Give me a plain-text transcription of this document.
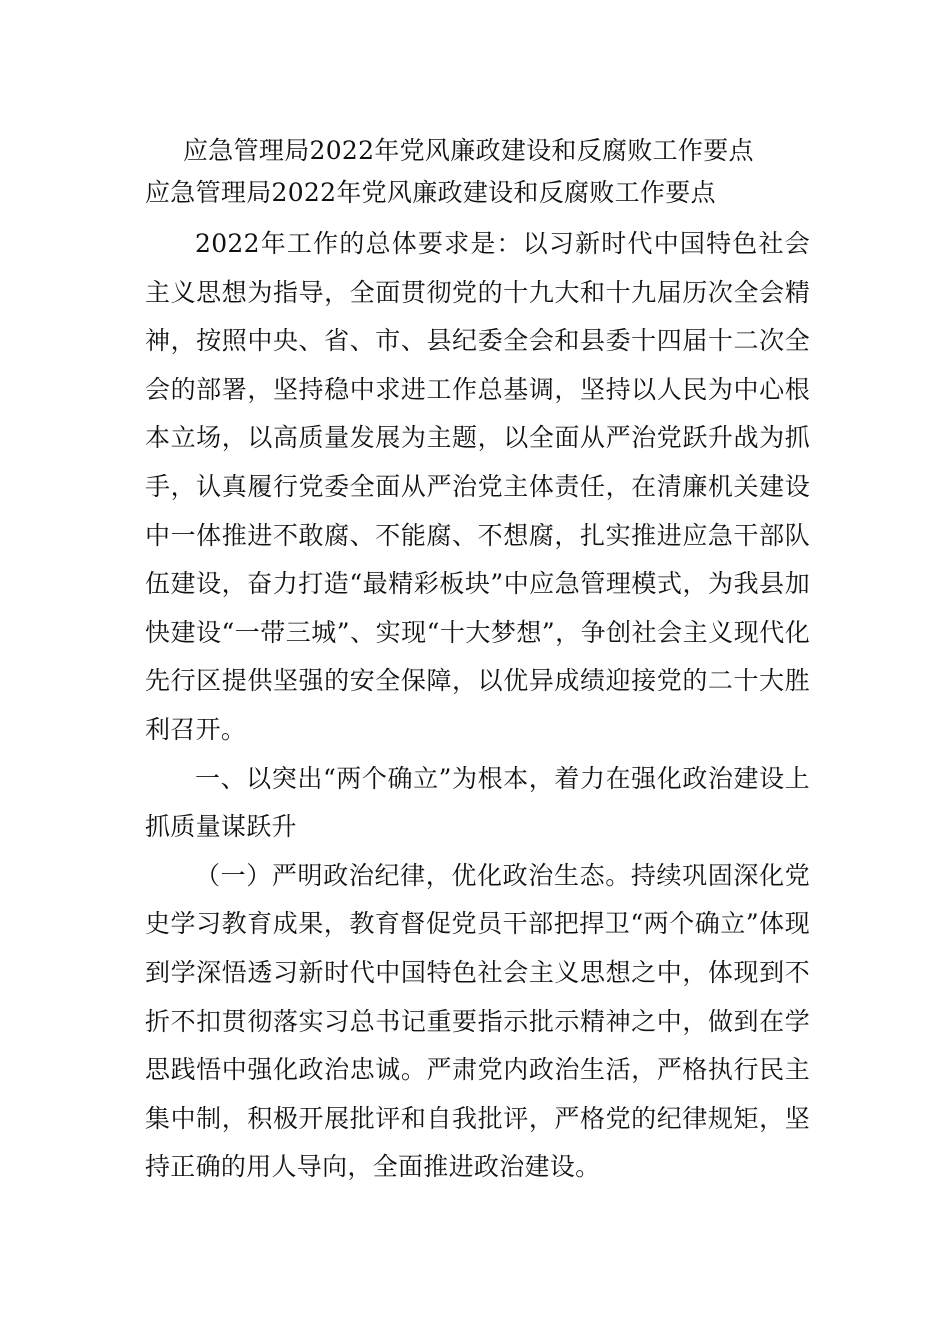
应急管理局2022年党风廉政建设和反腐败工作要点
应急管理局2022年党风廉政建设和反腐败工作要点

2022年工作的总体要求是：以习新时代中国特色社会主义思想为指导，全面贯彻党的十九大和十九届历次全会精神，按照中央、省、市、县纪委全会和县委十四届十二次全会的部署，坚持稳中求进工作总基调，坚持以人民为中心根本立场，以高质量发展为主题，以全面从严治党跃升战为抓手，认真履行党委全面从严治党主体责任，在清廉机关建设中一体推进不敢腐、不能腐、不想腐，扎实推进应急干部队伍建设，奋力打造“最精彩板块”中应急管理模式，为我县加快建设“一带三城”、实现“十大梦想”，争创社会主义现代化先行区提供坚强的安全保障，以优异成绩迎接党的二十大胜利召开。

一、以突出“两个确立”为根本，着力在强化政治建设上抓质量谋跃升

（一）严明政治纪律，优化政治生态。持续巩固深化党史学习教育成果，教育督促党员干部把捍卫“两个确立”体现到学深悟透习新时代中国特色社会主义思想之中，体现到不折不扣贯彻落实习总书记重要指示批示精神之中，做到在学思践悟中强化政治忠诚。严肃党内政治生活，严格执行民主集中制，积极开展批评和自我批评，严格党的纪律规矩，坚持正确的用人导向，全面推进政治建设。
